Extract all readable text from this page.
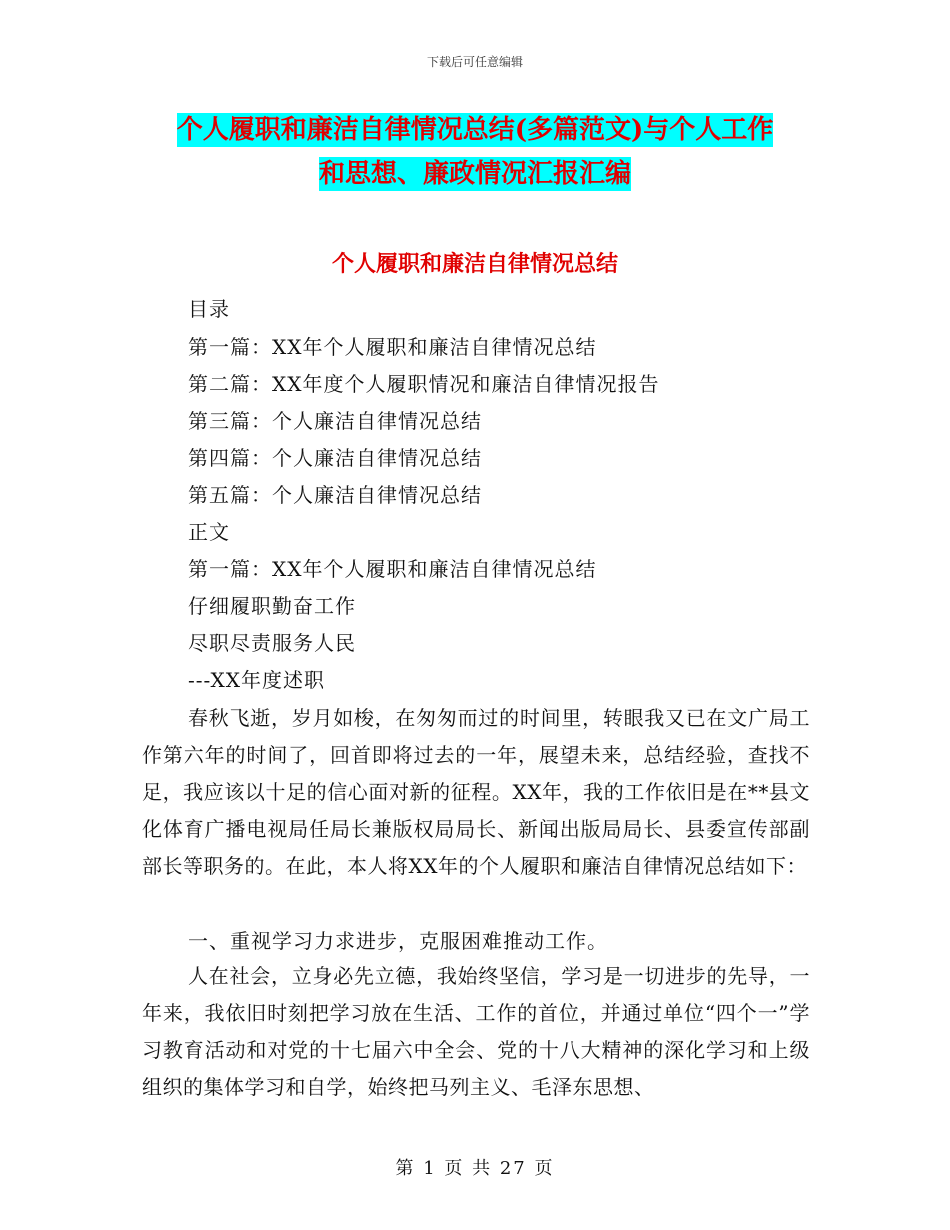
下载后可任意编辑
个人履职和廉洁自律情况总结(多篇范文)与个人工作
和思想、廉政情况汇报汇编
个人履职和廉洁自律情况总结
目录
第一篇：XX年个人履职和廉洁自律情况总结
第二篇：XX年度个人履职情况和廉洁自律情况报告
第三篇：个人廉洁自律情况总结
第四篇：个人廉洁自律情况总结
第五篇：个人廉洁自律情况总结
正文
第一篇：XX年个人履职和廉洁自律情况总结
仔细履职勤奋工作
尽职尽责服务人民
---XX年度述职
春秋飞逝，岁月如梭，在匆匆而过的时间里，转眼我又已在文广局工作第六年的时间了，回首即将过去的一年，展望未来，总结经验，查找不足，我应该以十足的信心面对新的征程。XX年，我的工作依旧是在**县文化体育广播电视局任局长兼版权局局长、新闻出版局局长、县委宣传部副部长等职务的。在此，本人将XX年的个人履职和廉洁自律情况总结如下：
一、重视学习力求进步，克服困难推动工作。
人在社会，立身必先立德，我始终坚信，学习是一切进步的先导，一年来，我依旧时刻把学习放在生活、工作的首位，并通过单位“四个一”学习教育活动和对党的十七届六中全会、党的十八大精神的深化学习和上级组织的集体学习和自学，始终把马列主义、毛泽东思想、
第 1 页 共 27 页
